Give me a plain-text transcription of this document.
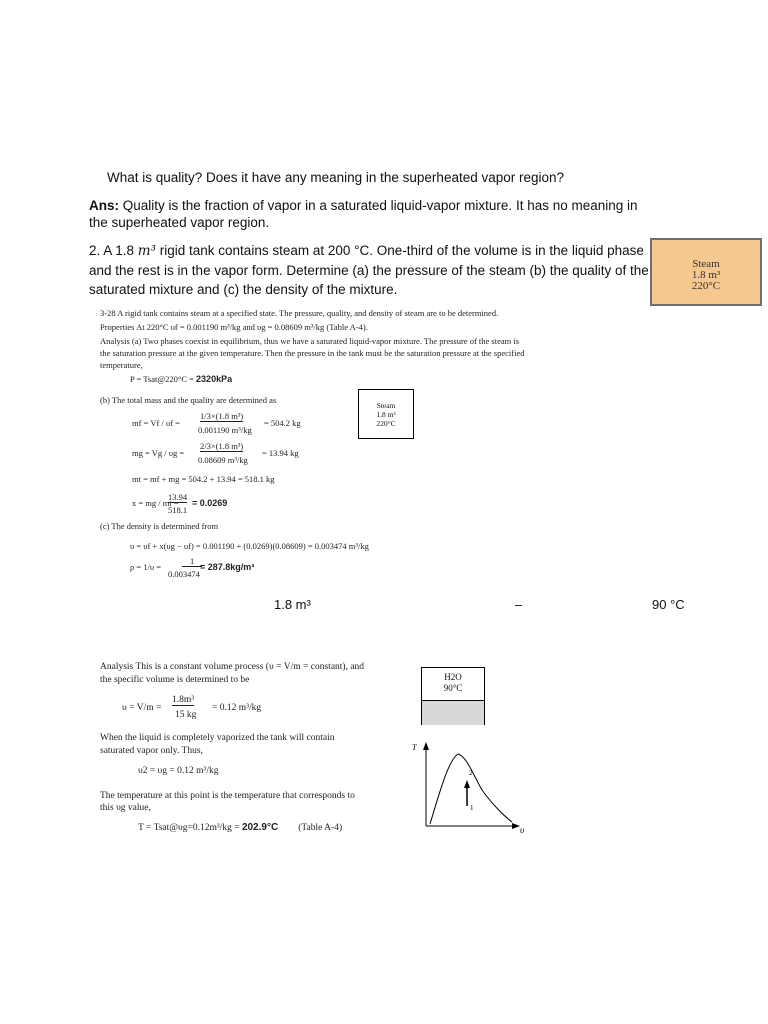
What is quality? Does it have any meaning in the superheated vapor region?
Ans: Quality is the fraction of vapor in a saturated liquid-vapor mixture. It has no meaning in the superheated vapor region.
2. A 1.8 m³ rigid tank contains steam at 200 °C. One-third of the volume is in the liquid phase and the rest is in the vapor form. Determine (a) the pressure of the steam (b) the quality of the saturated mixture and (c) the density of the mixture.
Steam
1.8 m³
220°C
3-28 A rigid tank contains steam at a specified state. The pressure, quality, and density of steam are to be determined.
Properties At 220°C υf = 0.001190 m³/kg and υg = 0.08609 m³/kg (Table A-4).
Analysis (a) Two phases coexist in equilibrium, thus we have a saturated liquid-vapor mixture. The pressure of the steam is
the saturation pressure at the given temperature. Then the pressure in the tank must be the saturation pressure at the specified
temperature,
P = Tsat@220°C = 2320kPa
(b) The total mass and the quality are determined as
mf = Vf / υf =
1/3×(1.8 m³)
0.001190 m³/kg
= 504.2 kg
mg = Vg / υg =
2/3×(1.8 m³)
0.08609 m³/kg
= 13.94 kg
mt = mf + mg = 504.2 + 13.94 = 518.1 kg
x = mg / mt =
13.94
518.1
= 0.0269
(c) The density is determined from
υ = υf + x(υg − υf) = 0.001190 + (0.0269)(0.08609) = 0.003474 m³/kg
ρ = 1/υ =
1
0.003474
= 287.8kg/m³
Steam
1.8 m³
220°C
1.8 m³	–	90 °C
Analysis This is a constant volume process (υ = V/m = constant), and
the specific volume is determined to be
υ = V/m =
1.8m³
15 kg
= 0.12 m³/kg
When the liquid is completely vaporized the tank will contain
saturated vapor only. Thus,
υ2 = υg = 0.12 m³/kg
The temperature at this point is the temperature that corresponds to
this υg value,
T = Tsat@υg=0.12m³/kg = 202.9°C (Table A-4)
H2O
90°C
T
υ
1
2
